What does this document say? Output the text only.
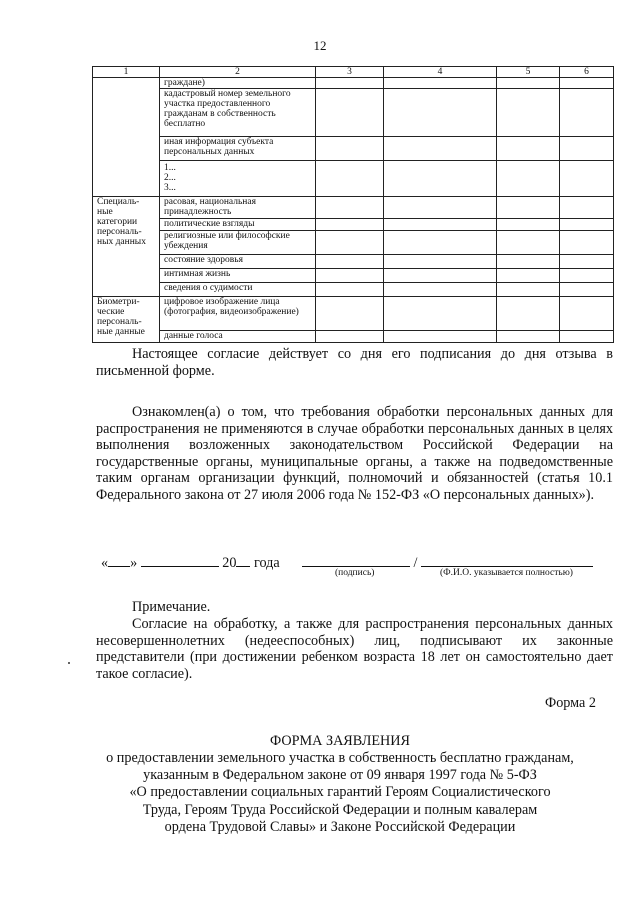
12
1	2	3	4	5	6
	граждане)				
	кадастровый номер земельного участка предоставленного гражданам в собственность бесплатно				
	иная информация субъекта персональных данных				
	1...
2...
3...				
Специаль-
ные категории персональ-
ных данных	расовая, национальная принадлежность				
	политические взгляды				
	религиозные или философские убеждения				
	состояние здоровья				
	интимная жизнь				
	сведения о судимости				
Биометри-
ческие персональ-
ные данные	цифровое изображение лица (фотография, видеоизображение)				
	данные голоса				

Настоящее согласие действует со дня его подписания до дня отзыва в письменной форме.

Ознакомлен(а) о том, что требования обработки персональных данных для распространения не применяются в случае обработки персональных данных в целях выполнения возложенных законодательством Российской Федерации на государственные органы, муниципальные органы, а также на подведомственные таким органам организации функций, полномочий и обязанностей (статья 10.1 Федерального закона от 27 июля 2006 года № 152-ФЗ «О персональных данных»).

« »	20 года	/
(подпись)	(Ф.И.О. указывается полностью)

Примечание.

Согласие на обработку, а также для распространения персональных данных несовершеннолетних (недееспособных) лиц, подписывают их законные представители (при достижении ребенком возраста 18 лет он самостоятельно дает такое согласие).

Форма 2
ФОРМА ЗАЯВЛЕНИЯ
о предоставлении земельного участка в собственность бесплатно гражданам,
указанным в Федеральном законе от 09 января 1997 года № 5-ФЗ
«О предоставлении социальных гарантий Героям Социалистического
Труда, Героям Труда Российской Федерации и полным кавалерам
ордена Трудовой Славы» и Законе Российской Федерации
